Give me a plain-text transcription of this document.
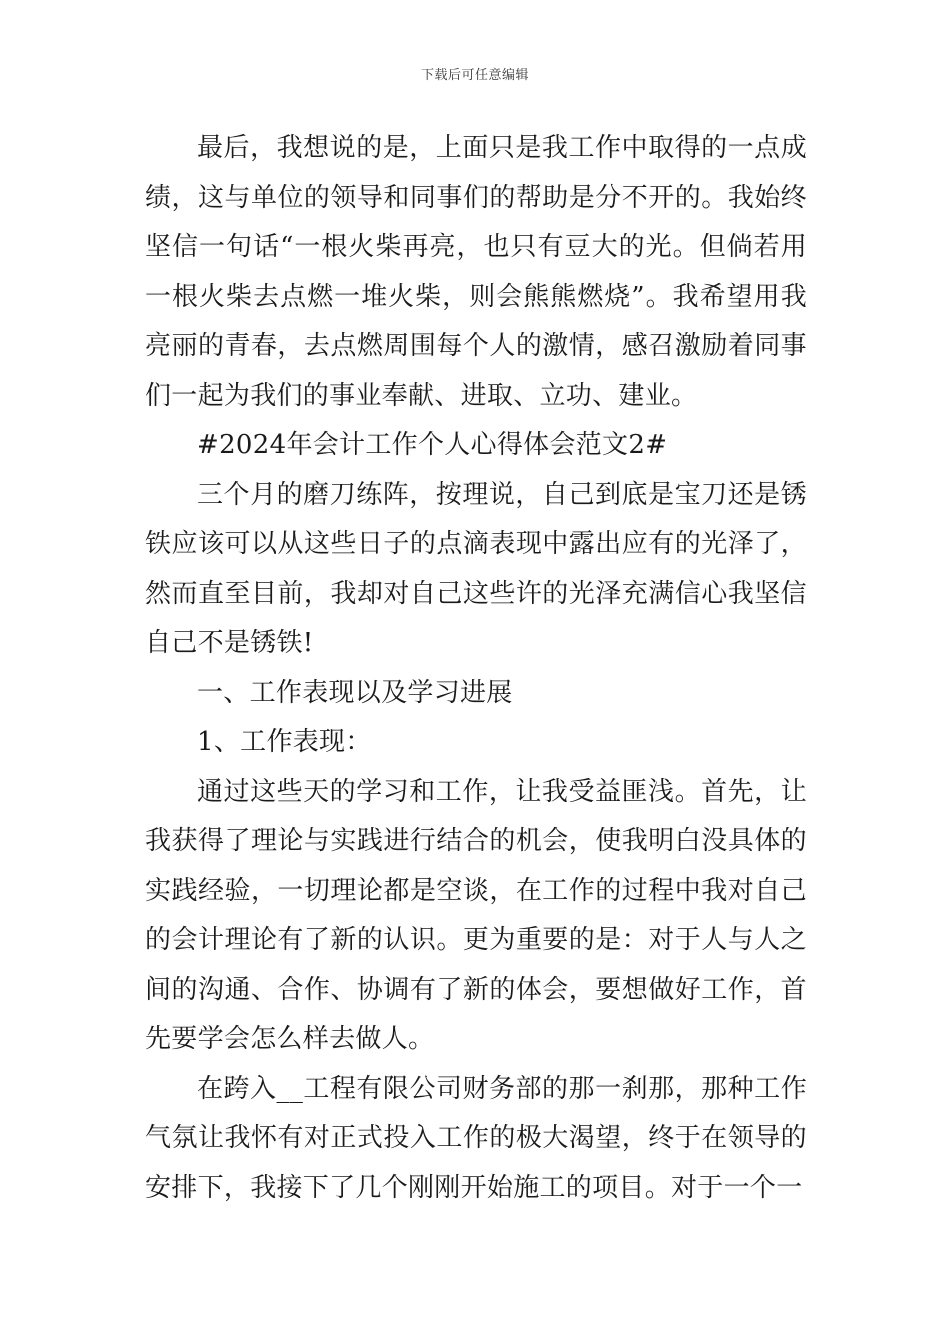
下载后可任意编辑

最后，我想说的是，上面只是我工作中取得的一点成绩，这与单位的领导和同事们的帮助是分不开的。我始终坚信一句话“一根火柴再亮，也只有豆大的光。但倘若用一根火柴去点燃一堆火柴，则会熊熊燃烧”。我希望用我亮丽的青春，去点燃周围每个人的激情，感召激励着同事们一起为我们的事业奉献、进取、立功、建业。

#2024年会计工作个人心得体会范文2#

三个月的磨刀练阵，按理说，自己到底是宝刀还是锈铁应该可以从这些日子的点滴表现中露出应有的光泽了，然而直至目前，我却对自己这些许的光泽充满信心我坚信自己不是锈铁!

一、工作表现以及学习进展

1、工作表现：

通过这些天的学习和工作，让我受益匪浅。首先，让我获得了理论与实践进行结合的机会，使我明白没具体的实践经验，一切理论都是空谈，在工作的过程中我对自己的会计理论有了新的认识。更为重要的是：对于人与人之间的沟通、合作、协调有了新的体会，要想做好工作，首先要学会怎么样去做人。

在跨入__工程有限公司财务部的那一刹那，那种工作气氛让我怀有对正式投入工作的极大渴望，终于在领导的安排下，我接下了几个刚刚开始施工的项目。对于一个一
